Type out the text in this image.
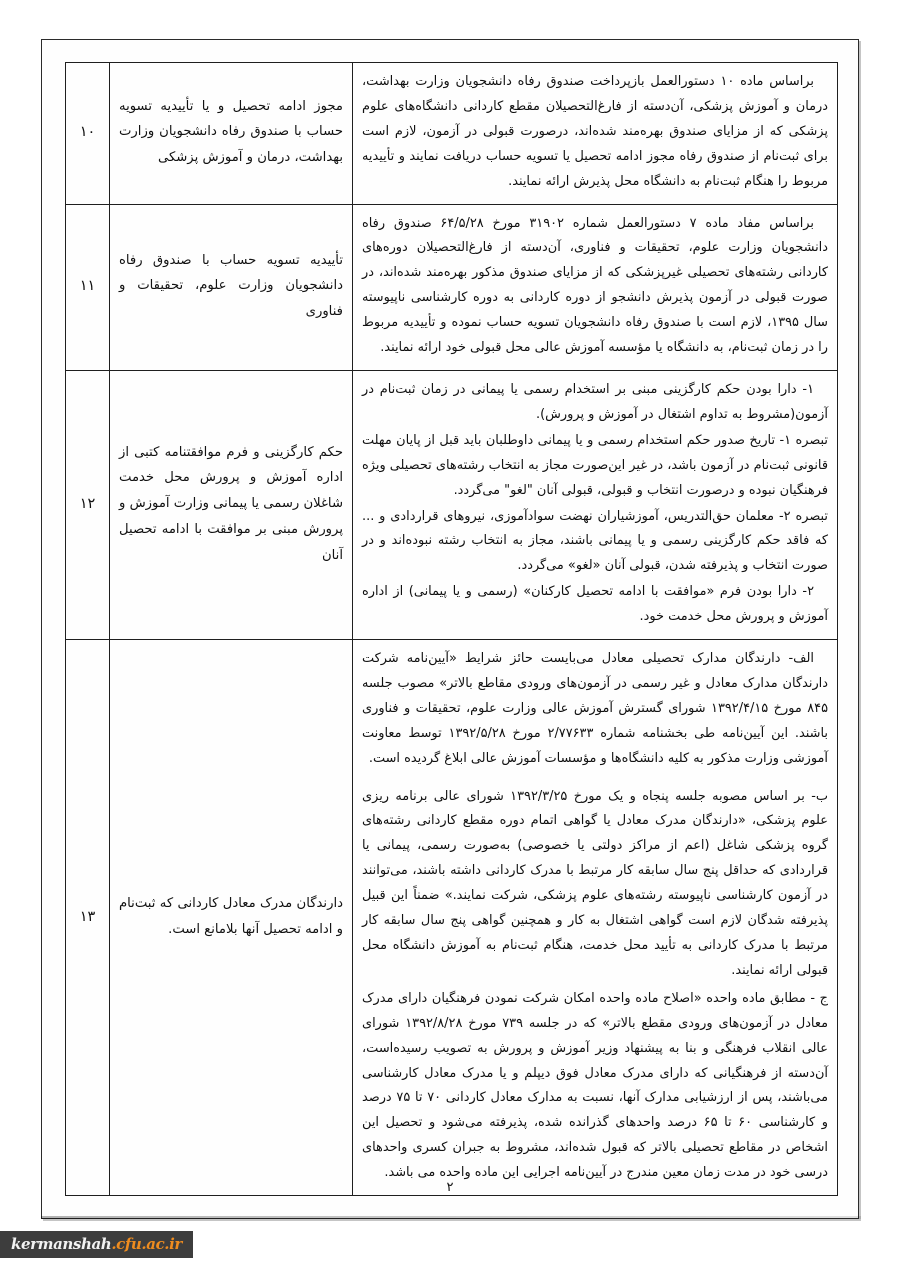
براساس ماده ۱۰ دستورالعمل بازپرداخت صندوق رفاه دانشجویان وزارت بهداشت، درمان و آموزش پزشکی، آن‌دسته از فارغ‌التحصیلان مقطع کاردانی دانشگاه‌های علوم پزشکی که از مزایای صندوق بهره‌مند شده‌اند، درصورت قبولی در آزمون، لازم است برای ثبت‌نام از صندوق رفاه مجوز ادامه تحصیل یا تسویه حساب دریافت نمایند و تأییدیه مربوط را هنگام ثبت‌نام به دانشگاه محل پذیرش ارائه نمایند.	مجوز ادامه تحصیل و یا تأییدیه تسویه حساب با صندوق رفاه دانشجویان وزارت بهداشت، درمان و آموزش پزشکی	۱۰

براساس مفاد ماده ۷ دستورالعمل شماره ۳۱۹۰۲ مورخ ۶۴/۵/۲۸ صندوق رفاه دانشجویان وزارت علوم، تحقیقات و فناوری، آن‌دسته از فارغ‌التحصیلان دوره‌های کاردانی رشته‌های تحصیلی غیرپزشکی که از مزایای صندوق مذکور بهره‌مند شده‌اند، در صورت قبولی در آزمون پذیرش دانشجو از دوره کاردانی به دوره کارشناسی ناپیوسته سال ۱۳۹۵، لازم است با صندوق رفاه دانشجویان تسویه حساب نموده و تأییدیه مربوط را در زمان ثبت‌نام، به دانشگاه یا مؤسسه آموزش عالی محل قبولی خود ارائه نمایند.	تأییدیه تسویه حساب با صندوق رفاه دانشجویان وزارت علوم، تحقیقات و فناوری	۱۱

۱- دارا بودن حکم کارگزینی مبنی بر استخدام رسمی یا پیمانی در زمان ثبت‌نام در آزمون(مشروط به تداوم اشتغال در آموزش و پرورش).

تبصره ۱- تاریخ صدور حکم استخدام رسمی و یا پیمانی داوطلبان باید قبل از پایان مهلت قانونی ثبت‌نام در آزمون باشد، در غیر این‌صورت مجاز به انتخاب رشته‌های تحصیلی ویژه فرهنگیان نبوده و درصورت انتخاب و قبولی، قبولی آنان "لغو" می‌گردد.

تبصره ۲- معلمان حق‌التدریس، آموزشیاران نهضت سوادآموزی، نیروهای قراردادی و ... که فاقد حکم کارگزینی رسمی و یا پیمانی باشند، مجاز به انتخاب رشته نبوده‌اند و در صورت انتخاب و پذیرفته شدن، قبولی آنان «لغو» می‌گردد.

۲- دارا بودن فرم «موافقت با ادامه تحصیل کارکنان» (رسمی و یا پیمانی) از اداره آموزش و پرورش محل خدمت خود.	حکم کارگزینی و فرم موافقتنامه کتبی از اداره آموزش و پرورش محل خدمت شاغلان رسمی یا پیمانی وزارت آموزش و پرورش مبنی بر موافقت با ادامه تحصیل آنان	۱۲

الف- دارندگان مدارک تحصیلی معادل می‌بایست حائز شرایط «آیین‌نامه شرکت دارندگان مدارک معادل و غیر رسمی در آزمون‌های ورودی مقاطع بالاتر» مصوب جلسه ۸۴۵ مورخ ۱۳۹۲/۴/۱۵ شورای گسترش آموزش عالی وزارت علوم، تحقیقات و فناوری باشند. این آیین‌نامه طی بخشنامه شماره ۲/۷۷۶۳۳ مورخ ۱۳۹۲/۵/۲۸ توسط معاونت آموزشی وزارت مذکور به کلیه دانشگاه‌ها و مؤسسات آموزش عالی ابلاغ گردیده است.

ب- بر اساس مصوبه جلسه پنجاه و یک مورخ ۱۳۹۲/۳/۲۵ شورای عالی برنامه ریزی علوم پزشکی، «دارندگان مدرک معادل یا گواهی اتمام دوره مقطع کاردانی رشته‌های گروه پزشکی شاغل (اعم از مراکز دولتی یا خصوصی) به‌صورت رسمی، پیمانی یا قراردادی که حداقل پنج سال سابقه کار مرتبط با مدرک کاردانی داشته باشند، می‌توانند در آزمون کارشناسی ناپیوسته رشته‌های علوم پزشکی، شرکت نمایند.» ضمناً این قبیل پذیرفته شدگان لازم است گواهی اشتغال به کار و همچنین گواهی پنج سال سابقه کار مرتبط با مدرک کاردانی به تأیید محل خدمت، هنگام ثبت‌نام به آموزش دانشگاه محل قبولی ارائه نمایند.

ج - مطابق ماده واحده «اصلاح ماده واحده امکان شرکت نمودن فرهنگیان دارای مدرک معادل در آزمون‌های ورودی مقطع بالاتر» که در جلسه ۷۳۹ مورخ ۱۳۹۲/۸/۲۸ شورای عالی انقلاب فرهنگی و بنا به پیشنهاد وزیر آموزش و پرورش به تصویب رسیده‌است، آن‌دسته از فرهنگیانی که دارای مدرک معادل فوق دیپلم و یا مدرک معادل کارشناسی می‌باشند، پس از ارزشیابی مدارک آنها، نسبت به مدارک معادل کاردانی ۷۰ تا ۷۵ درصد و کارشناسی ۶۰ تا ۶۵ درصد واحدهای گذرانده شده، پذیرفته می‌شود و تحصیل این اشخاص در مقاطع تحصیلی بالاتر که قبول شده‌اند، مشروط به جبران کسری واحدهای درسی خود در مدت زمان معین مندرج در آیین‌نامه اجرایی این ماده واحده می باشد.	دارندگان مدرک معادل کاردانی که ثبت‌نام و ادامه تحصیل آنها بلامانع است.	۱۳
۲
kermanshah.cfu.ac.ir
